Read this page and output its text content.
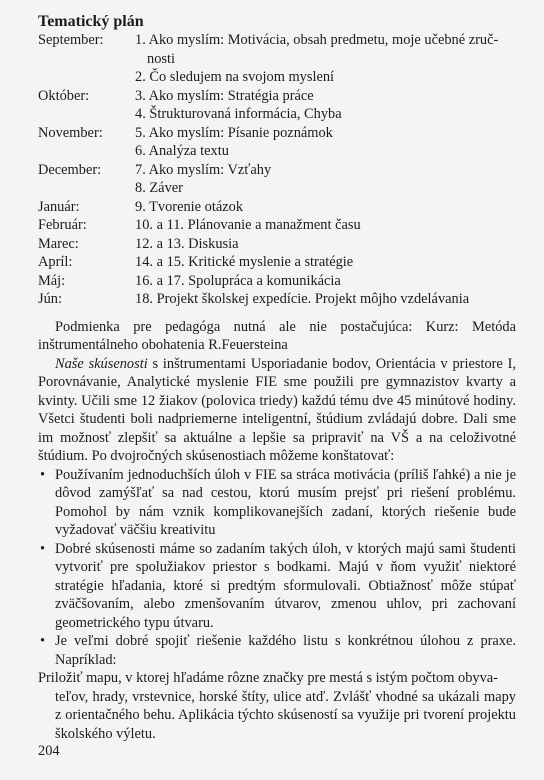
Tematický plán
September:	1. Ako myslím: Motivácia, obsah predmetu, moje učebné zruč-
nosti
2. Čo sledujem na svojom myslení
Október:	3. Ako myslím: Stratégia práce
4. Štrukturovaná informácia, Chyba
November:	5. Ako myslím: Písanie poznámok
6. Analýza textu
December:	7. Ako myslím: Vzťahy
8. Záver
Január:	9. Tvorenie otázok
Február:	10. a 11. Plánovanie a manažment času
Marec:	12. a 13. Diskusia
Apríl:	14. a 15. Kritické myslenie a stratégie
Máj:	16. a 17. Spolupráca a komunikácia
Jún:	18. Projekt školskej expedície. Projekt môjho vzdelávania

Podmienka pre pedagóga nutná ale nie postačujúca: Kurz: Metóda inštrumentálneho obohatenia R.Feuersteina

Naše skúsenosti s inštrumentami Usporiadanie bodov, Orientácia v priestore I, Porovnávanie, Analytické myslenie FIE sme použili pre gymnazistov kvarty a kvinty. Učili sme 12 žiakov (polovica triedy) každú tému dve 45 minútové hodiny. Všetci študenti boli nadpriemerne inteligentní, štúdium zvládajú dobre. Dali sme im možnosť zlepšiť sa aktuálne a lepšie sa pripraviť na VŠ a na celoživotné štúdium. Po dvojročných skúsenostiach môžeme konštatovať:

• Používaním jednoduchších úloh v FIE sa stráca motivácia (príliš ľahké) a nie je dôvod zamýšľať sa nad cestou, ktorú musím prejsť pri riešení problému. Pomohol by nám vznik komplikovanejších zadaní, ktorých riešenie bude vyžadovať väčšiu kreativitu
• Dobré skúsenosti máme so zadaním takých úloh, v ktorých majú sami študenti vytvoriť pre spolužiakov priestor s bodkami. Majú v ňom využiť niektoré stratégie hľadania, ktoré si predtým sformulovali. Obtiažnosť môže stúpať zväčšovaním, alebo zmenšovaním útvarov, zmenou uhlov, pri zachovaní geometrického typu útvaru.
• Je veľmi dobré spojiť riešenie každého listu s konkrétnou úlohou z praxe. Napríklad:

Priložiť mapu, v ktorej hľadáme rôzne značky pre mestá s istým počtom obyva-

teľov, hrady, vrstevnice, horské štíty, ulice atď. Zvlášť vhodné sa ukázali mapy z orientačného behu. Aplikácia týchto skúseností sa využije pri tvorení projektu školského výletu.

204
